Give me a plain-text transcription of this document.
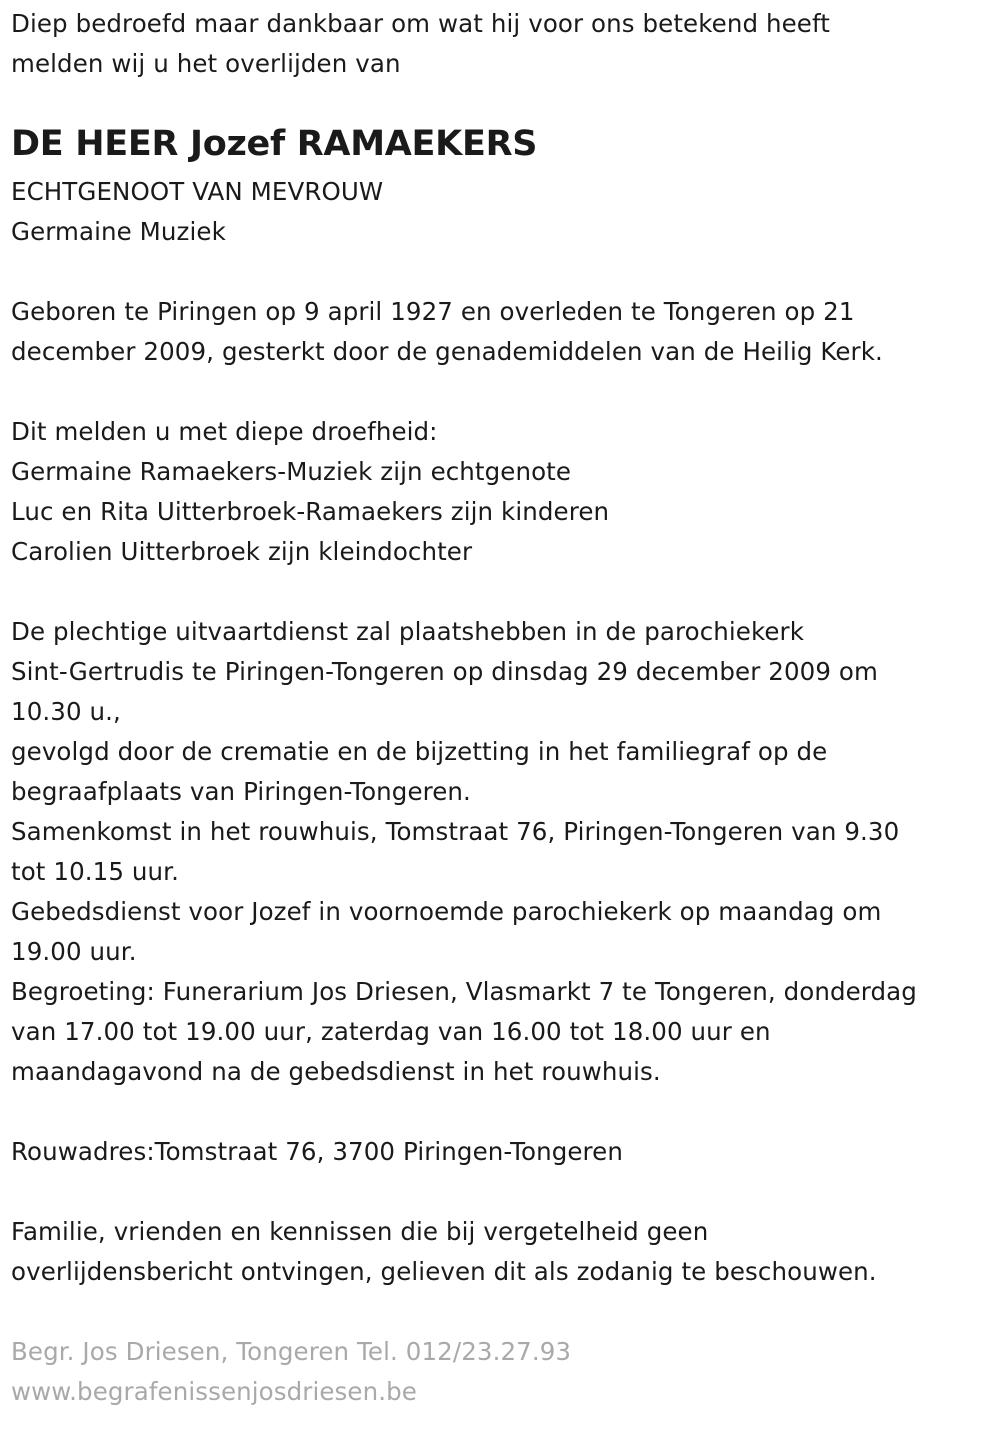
Diep bedroefd maar dankbaar om wat hij voor ons betekend heeft

melden wij u het overlijden van

DE HEER Jozef RAMAEKERS

ECHTGENOOT VAN MEVROUW

Germaine Muziek

Geboren te Piringen op 9 april 1927 en overleden te Tongeren op 21

december 2009, gesterkt door de genademiddelen van de Heilig Kerk.

Dit melden u met diepe droefheid:

Germaine Ramaekers-Muziek zijn echtgenote

Luc en Rita Uitterbroek-Ramaekers zijn kinderen

Carolien Uitterbroek zijn kleindochter

De plechtige uitvaartdienst zal plaatshebben in de parochiekerk

Sint-Gertrudis te Piringen-Tongeren op dinsdag 29 december 2009 om

10.30 u.,

gevolgd door de crematie en de bijzetting in het familiegraf op de

begraafplaats van Piringen-Tongeren.

Samenkomst in het rouwhuis, Tomstraat 76, Piringen-Tongeren van 9.30

tot 10.15 uur.

Gebedsdienst voor Jozef in voornoemde parochiekerk op maandag om

19.00 uur.

Begroeting: Funerarium Jos Driesen, Vlasmarkt 7 te Tongeren, donderdag

van 17.00 tot 19.00 uur, zaterdag van 16.00 tot 18.00 uur en

maandagavond na de gebedsdienst in het rouwhuis.

Rouwadres:Tomstraat 76, 3700 Piringen-Tongeren

Familie, vrienden en kennissen die bij vergetelheid geen

overlijdensbericht ontvingen, gelieven dit als zodanig te beschouwen.

Begr. Jos Driesen, Tongeren Tel. 012/23.27.93

www.begrafenissenjosdriesen.be
